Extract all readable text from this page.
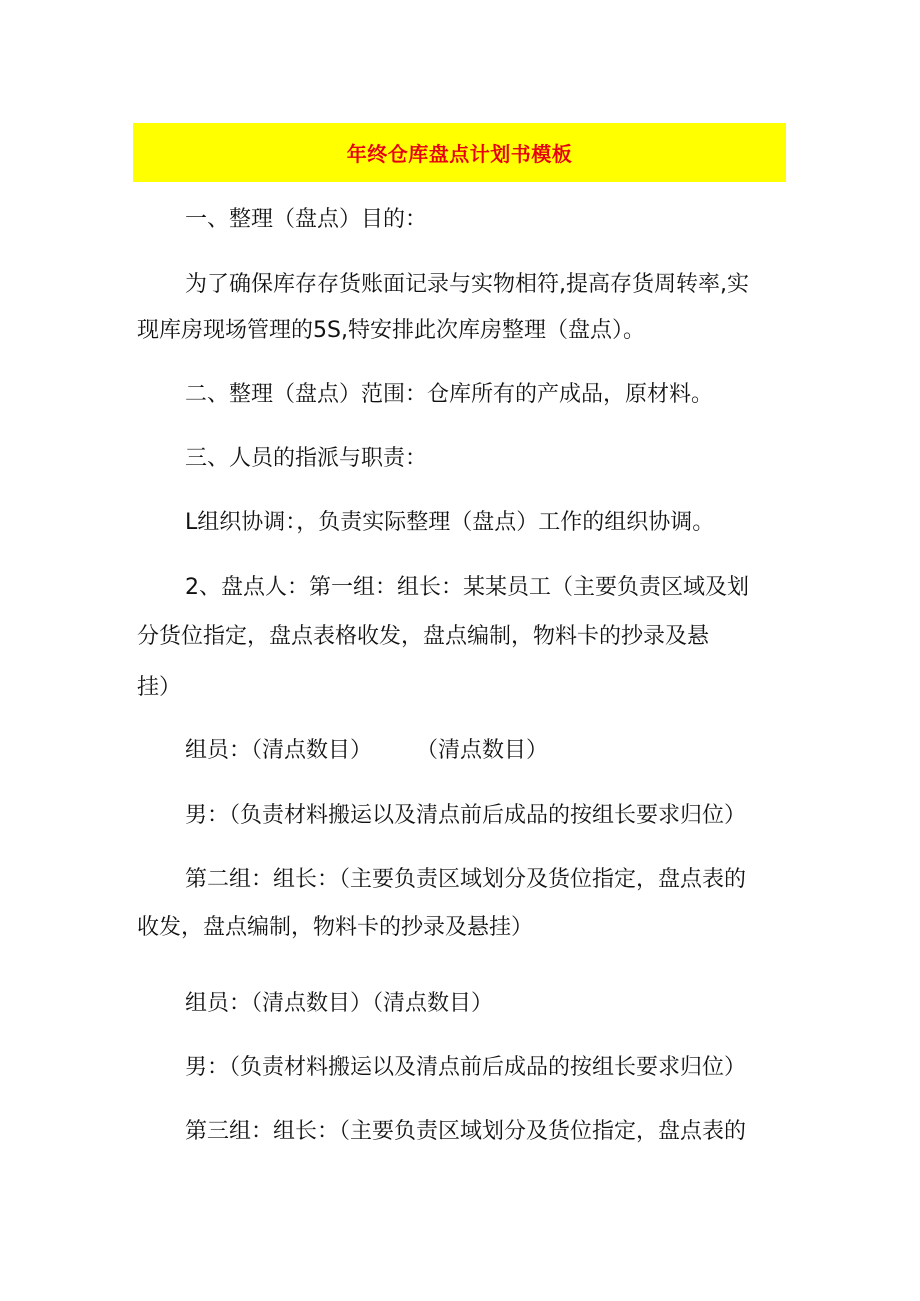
年终仓库盘点计划书模板
一、整理（盘点）目的：
为了确保库存存货账面记录与实物相符,提高存货周转率,实
现库房现场管理的5S,特安排此次库房整理（盘点）。
二、整理（盘点）范围：仓库所有的产成品，原材料。
三、人员的指派与职责：
L组织协调：，负责实际整理（盘点）工作的组织协调。
2、盘点人：第一组：组长：某某员工（主要负责区域及划
分货位指定，盘点表格收发，盘点编制，物料卡的抄录及悬
挂）
组员：（清点数目）　　　（清点数目）
男：（负责材料搬运以及清点前后成品的按组长要求归位）
第二组：组长：（主要负责区域划分及货位指定，盘点表的
收发，盘点编制，物料卡的抄录及悬挂）
组员：（清点数目）（清点数目）
男：（负责材料搬运以及清点前后成品的按组长要求归位）
第三组：组长：（主要负责区域划分及货位指定，盘点表的
